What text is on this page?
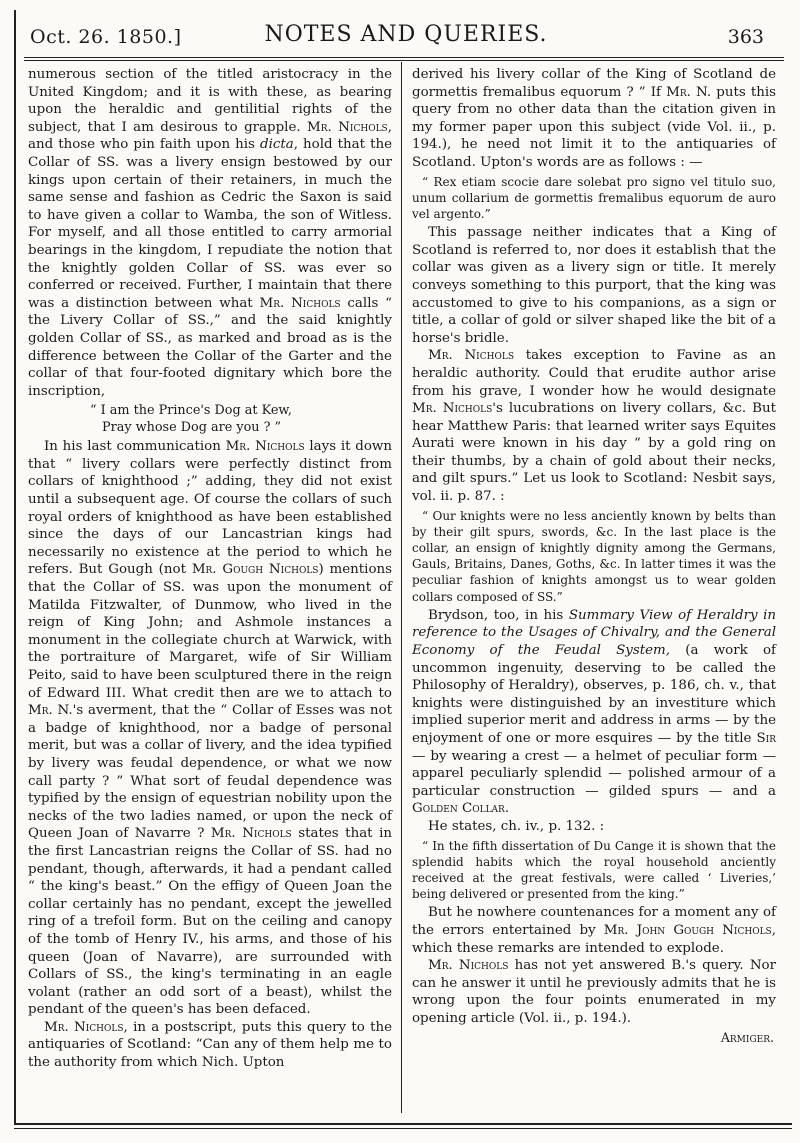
Oct. 26. 1850.]	NOTES AND QUERIES.	363

numerous section of the titled aristocracy in the United Kingdom; and it is with these, as bearing upon the heraldic and gentilitial rights of the subject, that I am desirous to grapple. Mr. Nichols, and those who pin faith upon his dicta, hold that the Collar of SS. was a livery ensign bestowed by our kings upon certain of their retainers, in much the same sense and fashion as Cedric the Saxon is said to have given a collar to Wamba, the son of Witless. For myself, and all those entitled to carry armorial bearings in the kingdom, I repudiate the notion that the knightly golden Collar of SS. was ever so conferred or received. Further, I maintain that there was a distinction between what Mr. Nichols calls “ the Livery Collar of SS.,” and the said knightly golden Collar of SS., as marked and broad as is the difference between the Collar of the Garter and the collar of that four-footed dignitary which bore the inscription,

“ I am the Prince's Dog at Kew,
Pray whose Dog are you ? ”

In his last communication Mr. Nichols lays it down that “ livery collars were perfectly distinct from collars of knighthood ;” adding, they did not exist until a subsequent age. Of course the collars of such royal orders of knighthood as have been established since the days of our Lancastrian kings had necessarily no existence at the period to which he refers. But Gough (not Mr. Gough Nichols) mentions that the Collar of SS. was upon the monument of Matilda Fitzwalter, of Dunmow, who lived in the reign of King John; and Ashmole instances a monument in the collegiate church at Warwick, with the portraiture of Margaret, wife of Sir William Peito, said to have been sculptured there in the reign of Edward III. What credit then are we to attach to Mr. N.'s averment, that the “ Collar of Esses was not a badge of knighthood, nor a badge of personal merit, but was a collar of livery, and the idea typified by livery was feudal dependence, or what we now call party ? ” What sort of feudal dependence was typified by the ensign of equestrian nobility upon the necks of the two ladies named, or upon the neck of Queen Joan of Navarre ? Mr. Nichols states that in the first Lancastrian reigns the Collar of SS. had no pendant, though, afterwards, it had a pendant called “ the king's beast.” On the effigy of Queen Joan the collar certainly has no pendant, except the jewelled ring of a trefoil form. But on the ceiling and canopy of the tomb of Henry IV., his arms, and those of his queen (Joan of Navarre), are surrounded with Collars of SS., the king's terminating in an eagle volant (rather an odd sort of a beast), whilst the pendant of the queen's has been defaced.

Mr. Nichols, in a postscript, puts this query to the antiquaries of Scotland: “Can any of them help me to the authority from which Nich. Upton

derived his livery collar of the King of Scotland de gormettis fremalibus equorum ? ” If Mr. N. puts this query from no other data than the citation given in my former paper upon this subject (vide Vol. ii., p. 194.), he need not limit it to the antiquaries of Scotland. Upton's words are as follows : —

“ Rex etiam scocie dare solebat pro signo vel titulo suo, unum collarium de gormettis fremalibus equorum de auro vel argento.”

This passage neither indicates that a King of Scotland is referred to, nor does it establish that the collar was given as a livery sign or title. It merely conveys something to this purport, that the king was accustomed to give to his companions, as a sign or title, a collar of gold or silver shaped like the bit of a horse's bridle.

Mr. Nichols takes exception to Favine as an heraldic authority. Could that erudite author arise from his grave, I wonder how he would designate Mr. Nichols's lucubrations on livery collars, &c. But hear Matthew Paris: that learned writer says Equites Aurati were known in his day “ by a gold ring on their thumbs, by a chain of gold about their necks, and gilt spurs.” Let us look to Scotland: Nesbit says, vol. ii. p. 87. :

“ Our knights were no less anciently known by belts than by their gilt spurs, swords, &c. In the last place is the collar, an ensign of knightly dignity among the Germans, Gauls, Britains, Danes, Goths, &c. In latter times it was the peculiar fashion of knights amongst us to wear golden collars composed of SS.”

Brydson, too, in his Summary View of Heraldry in reference to the Usages of Chivalry, and the General Economy of the Feudal System, (a work of uncommon ingenuity, deserving to be called the Philosophy of Heraldry), observes, p. 186, ch. v., that knights were distinguished by an investiture which implied superior merit and address in arms — by the enjoyment of one or more esquires — by the title Sir — by wearing a crest — a helmet of peculiar form — apparel peculiarly splendid — polished armour of a particular construction — gilded spurs — and a Golden Collar.

He states, ch. iv., p. 132. :

“ In the fifth dissertation of Du Cange it is shown that the splendid habits which the royal household anciently received at the great festivals, were called ‘ Liveries,’ being delivered or presented from the king.”

But he nowhere countenances for a moment any of the errors entertained by Mr. John Gough Nichols, which these remarks are intended to explode.

Mr. Nichols has not yet answered B.'s query. Nor can he answer it until he previously admits that he is wrong upon the four points enumerated in my opening article (Vol. ii., p. 194.).

Armiger.
